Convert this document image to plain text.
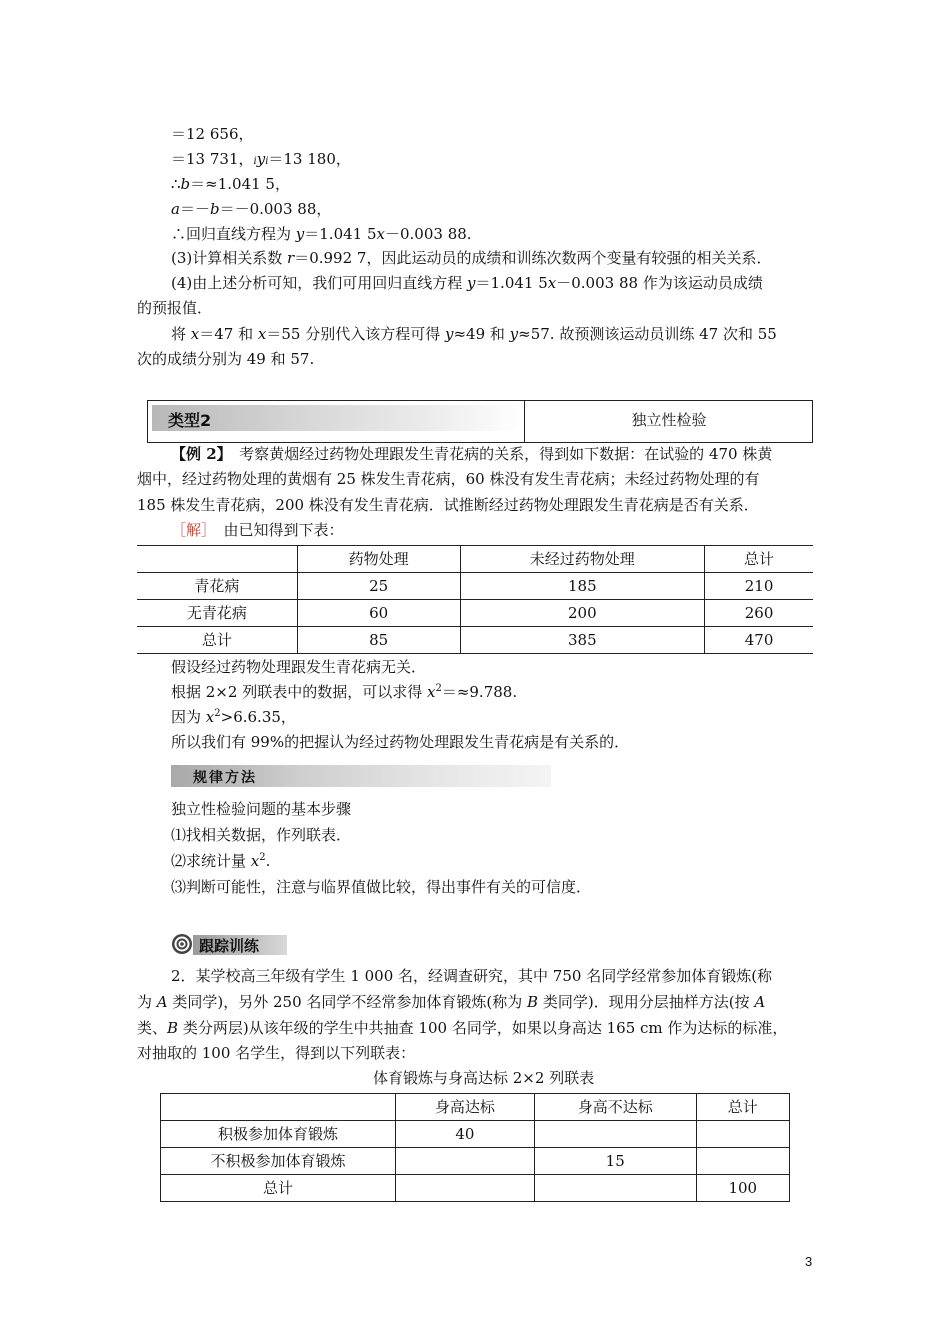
＝12 656，
＝13 731，iyi＝13 180，
∴b＝≈1.041 5，
a＝－b＝－0.003 88，
∴回归直线方程为 y＝1.041 5x－0.003 88.
(3)计算相关系数 r＝0.992 7，因此运动员的成绩和训练次数两个变量有较强的相关关系．
(4)由上述分析可知，我们可用回归直线方程 y＝1.041 5x－0.003 88 作为该运动员成绩
的预报值．
将 x＝47 和 x＝55 分别代入该方程可得 y≈49 和 y≈57. 故预测该运动员训练 47 次和 55
次的成绩分别为 49 和 57.
类型2	独立性检验
【例 2】　考察黄烟经过药物处理跟发生青花病的关系，得到如下数据：在试验的 470 株黄
烟中，经过药物处理的黄烟有 25 株发生青花病，60 株没有发生青花病；未经过药物处理的有
185 株发生青花病，200 株没有发生青花病．试推断经过药物处理跟发生青花病是否有关系．
［解］　由已知得到下表：
	药物处理	未经过药物处理	总计
青花病	25	185	210
无青花病	60	200	260
总计	85	385	470
假设经过药物处理跟发生青花病无关．
根据 2×2 列联表中的数据，可以求得 $x^2=\approx 9.788$.
因为 $x^2>6.6.35$，
所以我们有 99%的把握认为经过药物处理跟发生青花病是有关系的．
规律方法
独立性检验问题的基本步骤
⑴找相关数据，作列联表．
⑵求统计量 $x^2$.
⑶判断可能性，注意与临界值做比较，得出事件有关的可信度．
跟踪训练
2．某学校高三年级有学生 1 000 名，经调查研究，其中 750 名同学经常参加体育锻炼(称
为 A 类同学)，另外 250 名同学不经常参加体育锻炼(称为 B 类同学)．现用分层抽样方法(按 A
类、B 类分两层)从该年级的学生中共抽查 100 名同学，如果以身高达 165 cm 作为达标的标准，
对抽取的 100 名学生，得到以下列联表：
体育锻炼与身高达标 2×2 列联表
	身高达标	身高不达标	总计
积极参加体育锻炼	40		
不积极参加体育锻炼		15	
总计			100
3
